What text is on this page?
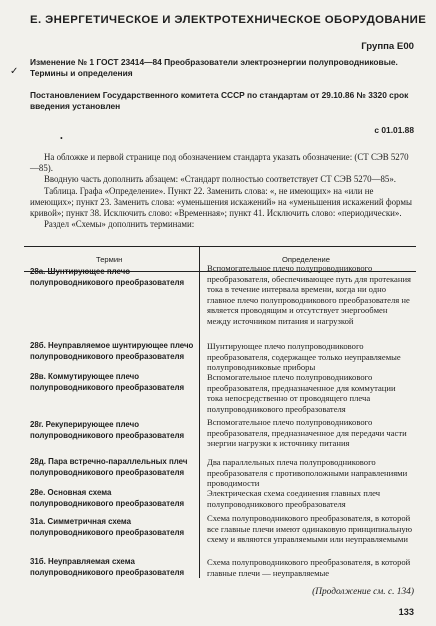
Е. ЭНЕРГЕТИЧЕСКОЕ И ЭЛЕКТРОТЕХНИЧЕСКОЕ ОБОРУДОВАНИЕ
Группа Е00
✓
•
Изменение № 1 ГОСТ 23414—84 Преобразователи электроэнергии полупроводниковые. Термины и определения
Постановлением Государственного комитета СССР по стандартам от 29.10.86 № 3320 срок введения установлен
с 01.01.88

На обложке и первой странице под обозначением стандарта указать обозначение: (СТ СЭВ 5270—85).

Вводную часть дополнить абзацем: «Стандарт полностью соответствует СТ СЭВ 5270—85».

Таблица. Графа «Определение». Пункт 22. Заменить слова: «, не имеющих» на «или не имеющих»; пункт 23. Заменить слова: «уменьшения искажений» на «уменьшения искажений формы кривой»; пункт 38. Исключить слово: «Временная»; пункт 41. Исключить слово: «периодически».

Раздел «Схемы» дополнить терминами:

Термин	Определение
28а. Шунтирующее плечо полупроводникового преобразователя
Вспомогательное плечо полупроводникового преобразователя, обеспечивающее путь для протекания тока в течение интервала времени, когда ни одно главное плечо полупроводникового преобразователя не является проводящим и отсутствует энергообмен между источником питания и нагрузкой
28б. Неуправляемое шунтирующее плечо полупроводникового преобразователя
Шунтирующее плечо полупроводникового преобразователя, содержащее только неуправляемые полупроводниковые приборы
28в. Коммутирующее плечо полупроводникового преобразователя
Вспомогательное плечо полупроводникового преобразователя, предназначенное для коммутации тока непосредственно от проводящего плеча полупроводникового преобразователя
28г. Рекуперирующее плечо полупроводникового преобразователя
Вспомогательное плечо полупроводникового преобразователя, предназначенное для передачи части энергии нагрузки к источнику питания
28д. Пара встречно-параллельных плеч полупроводникового преобразователя
Два параллельных плеча полупроводникового преобразователя с противоположными направлениями проводимости
28е. Основная схема полупроводникового преобразователя
Электрическая схема соединения главных плеч полупроводникового преобразователя
31а. Симметричная схема полупроводникового преобразователя
Схема полупроводникового преобразователя, в которой все главные плечи имеют одинаковую принципиальную схему и являются управляемыми или неуправляемыми
31б. Неуправляемая схема полупроводникового преобразователя
Схема полупроводникового преобразователя, в которой главные плечи — неуправляемые
(Продолжение см. с. 134)
133
